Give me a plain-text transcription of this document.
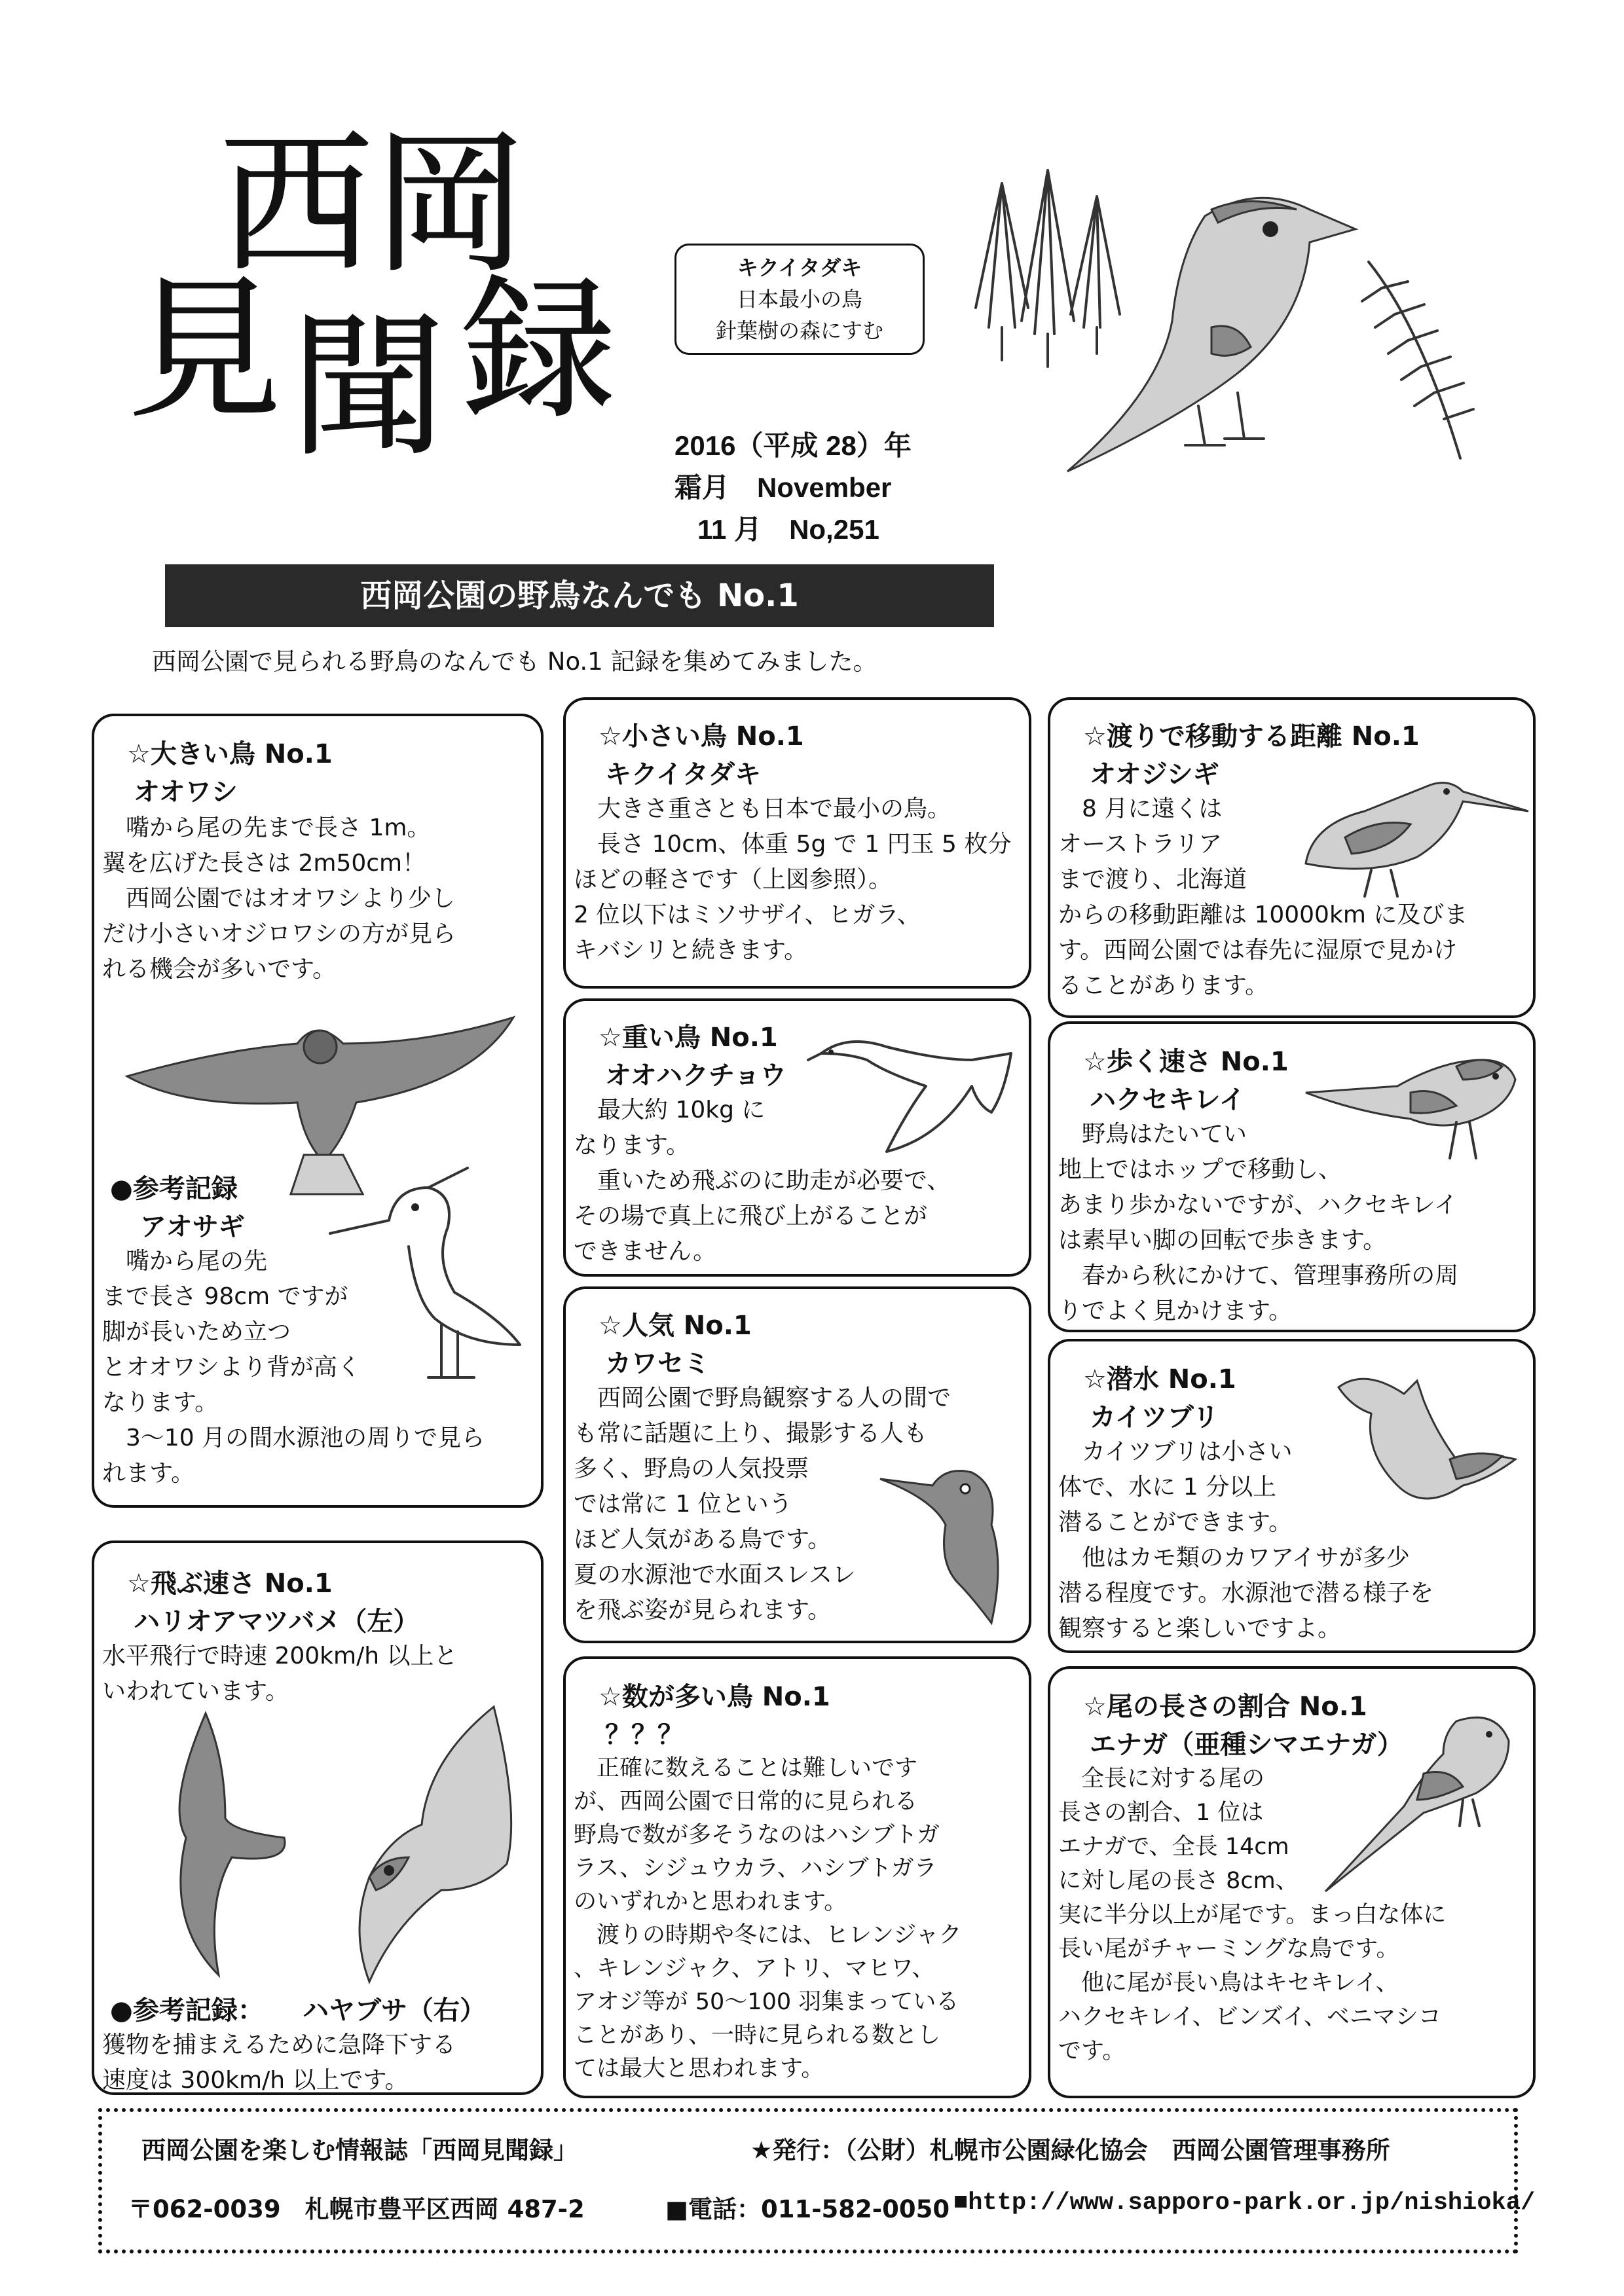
西 岡
見 聞 録	キクイタダキ
日本最小の鳥
針葉樹の森にすむ
2016（平成 28）年
霜月　November
11 月　No,251
西岡公園の野鳥なんでも No.1
西岡公園で見られる野鳥のなんでも No.1 記録を集めてみました。
☆大きい鳥 No.1
オオワシ
　嘴から尾の先まで長さ 1m。
翼を広げた長さは 2m50cm！
　西岡公園ではオオワシより少し
だけ小さいオジロワシの方が見ら
れる機会が多いです。
●参考記録
アオサギ
　嘴から尾の先
まで長さ 98cm ですが
脚が長いため立つ
とオオワシより背が高く
なります。
　3～10 月の間水源池の周りで見ら
れます。
☆飛ぶ速さ No.1
ハリオアマツバメ（左）
水平飛行で時速 200km/h 以上と
いわれています。
●参考記録： ハヤブサ（右）
獲物を捕まえるために急降下する
速度は 300km/h 以上です。
☆小さい鳥 No.1
キクイタダキ
　大きさ重さとも日本で最小の鳥。
　長さ 10cm、体重 5g で 1 円玉 5 枚分
ほどの軽さです（上図参照）。
2 位以下はミソサザイ、ヒガラ、
キバシリと続きます。
☆重い鳥 No.1
オオハクチョウ
　最大約 10kg に
なります。
　重いため飛ぶのに助走が必要で、
その場で真上に飛び上がることが
できません。
☆人気 No.1
カワセミ
　西岡公園で野鳥観察する人の間で
も常に話題に上り、撮影する人も
多く、野鳥の人気投票
では常に 1 位という
ほど人気がある鳥です。
夏の水源池で水面スレスレ
を飛ぶ姿が見られます。
☆数が多い鳥 No.1
？？？
　正確に数えることは難しいです
が、西岡公園で日常的に見られる
野鳥で数が多そうなのはハシブトガ
ラス、シジュウカラ、ハシブトガラ
のいずれかと思われます。
　渡りの時期や冬には、ヒレンジャク
、キレンジャク、アトリ、マヒワ、
アオジ等が 50～100 羽集まっている
ことがあり、一時に見られる数とし
ては最大と思われます。
☆渡りで移動する距離 No.1
オオジシギ
　8 月に遠くは
オーストラリア
まで渡り、北海道
からの移動距離は 10000km に及びま
す。西岡公園では春先に湿原で見かけ
ることがあります。
☆歩く速さ No.1
ハクセキレイ
　野鳥はたいてい
地上ではホップで移動し、
あまり歩かないですが、ハクセキレイ
は素早い脚の回転で歩きます。
　春から秋にかけて、管理事務所の周
りでよく見かけます。
☆潜水 No.1
カイツブリ
　カイツブリは小さい
体で、水に 1 分以上
潜ることができます。
　他はカモ類のカワアイサが多少
潜る程度です。水源池で潜る様子を
観察すると楽しいですよ。
☆尾の長さの割合 No.1
エナガ（亜種シマエナガ）
　全長に対する尾の
長さの割合、1 位は
エナガで、全長 14cm
に対し尾の長さ 8cm、
実に半分以上が尾です。まっ白な体に
長い尾がチャーミングな鳥です。
　他に尾が長い鳥はキセキレイ、
ハクセキレイ、ビンズイ、ベニマシコ
です。
西岡公園を楽しむ情報誌「西岡見聞録」	★発行：（公財）札幌市公園緑化協会　西岡公園管理事務所
〒062-0039　札幌市豊平区西岡 487-2	■電話：011-582-0050 ■http://www.sapporo-park.or.jp/nishioka/
